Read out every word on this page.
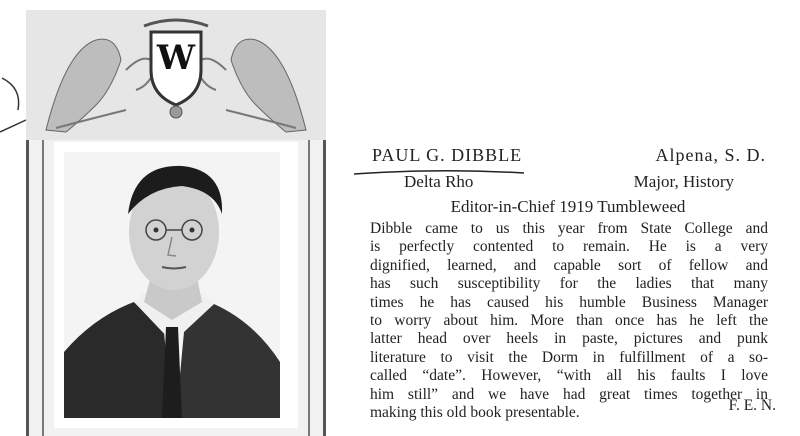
W
PAUL G. DIBBLE	Alpena, S. D.
Delta Rho	Major, History
Editor-in-Chief 1919 Tumbleweed
Dibble came to us this year from State College and
is perfectly contented to remain. He is a very
dignified, learned, and capable sort of fellow and
has such susceptibility for the ladies that many
times he has caused his humble Business Manager
to worry about him. More than once has he left the
latter head over heels in paste, pictures and punk
literature to visit the Dorm in fulfillment of a so-
called “date”. However, “with all his faults I love
him still” and we have had great times together in
making this old book presentable.	F. E. N.
